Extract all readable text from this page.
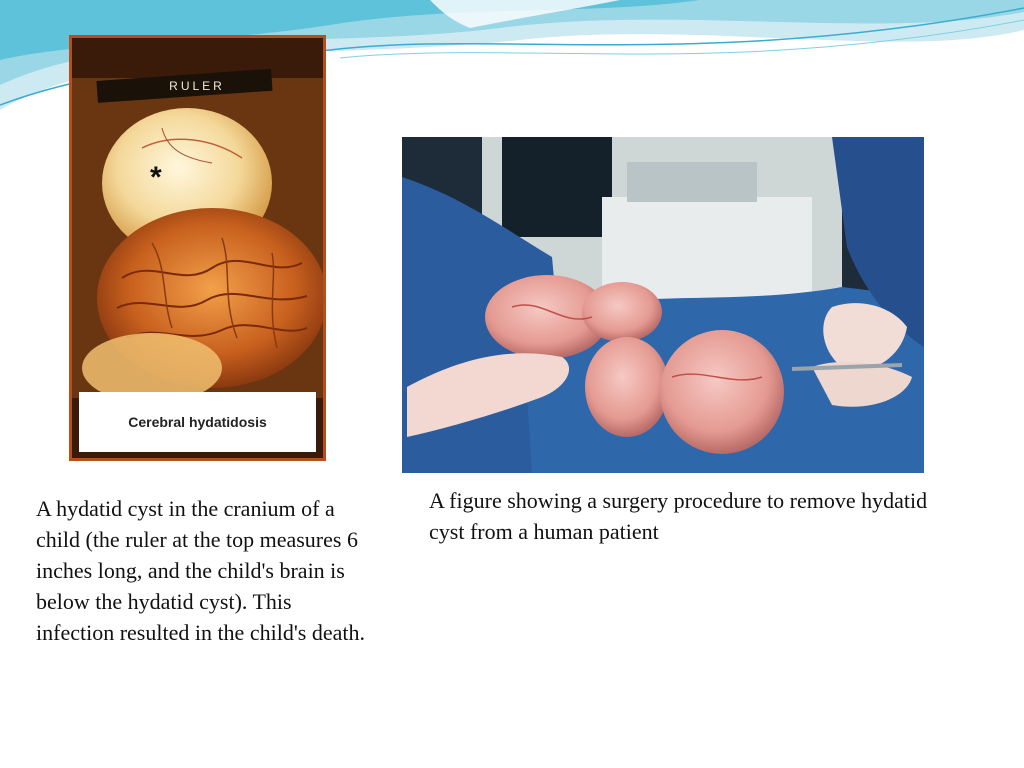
RULER
*
Cerebral hydatidosis
A hydatid cyst in the cranium of a child (the ruler at the top measures 6 inches long, and the child's brain is below the hydatid cyst). This infection resulted in the child's death.
A figure showing a surgery procedure to remove hydatid cyst from a human patient
